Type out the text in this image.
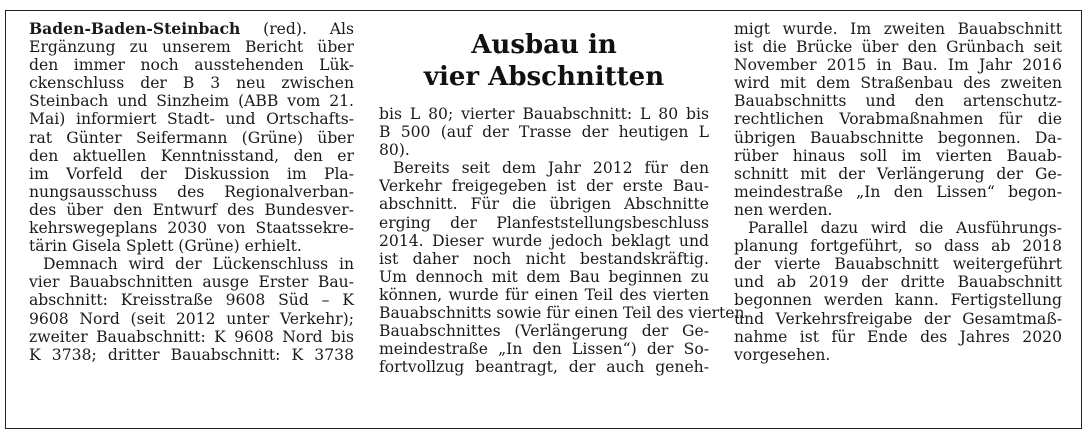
Ausbau in
vier Abschnitten
Baden-Baden-Steinbach (red). Als
Ergänzung zu unserem Bericht über
den immer noch ausstehenden Lük-
ckenschluss der B 3 neu zwischen
Steinbach und Sinzheim (ABB vom 21.
Mai) informiert Stadt- und Ortschafts-
rat Günter Seifermann (Grüne) über
den aktuellen Kenntnisstand, den er
im Vorfeld der Diskussion im Pla-
nungsausschuss des Regionalverban-
des über den Entwurf des Bundesver-
kehrswegeplans 2030 von Staatssekre-
tärin Gisela Splett (Grüne) erhielt.
Demnach wird der Lückenschluss in
vier Bauabschnitten ausge Erster Bau-
abschnitt: Kreisstraße 9608 Süd – K
9608 Nord (seit 2012 unter Verkehr);
zweiter Bauabschnitt: K 9608 Nord bis
K 3738; dritter Bauabschnitt: K 3738
bis L 80; vierter Bauabschnitt: L 80 bis
B 500 (auf der Trasse der heutigen L
80).
Bereits seit dem Jahr 2012 für den
Verkehr freigegeben ist der erste Bau-
abschnitt. Für die übrigen Abschnitte
erging der Planfeststellungsbeschluss
2014. Dieser wurde jedoch beklagt und
ist daher noch nicht bestandskräftig.
Um dennoch mit dem Bau beginnen zu
können, wurde für einen Teil des vierten
Bauabschnitts sowie für einen Teil des vierten
Bauabschnittes (Verlängerung der Ge-
meindestraße „In den Lissen“) der So-
fortvollzug beantragt, der auch geneh-
migt wurde. Im zweiten Bauabschnitt
ist die Brücke über den Grünbach seit
November 2015 in Bau. Im Jahr 2016
wird mit dem Straßenbau des zweiten
Bauabschnitts und den artenschutz-
rechtlichen Vorabmaßnahmen für die
übrigen Bauabschnitte begonnen. Da-
rüber hinaus soll im vierten Bauab-
schnitt mit der Verlängerung der Ge-
meindestraße „In den Lissen“ begon-
nen werden.
Parallel dazu wird die Ausführungs-
planung fortgeführt, so dass ab 2018
der vierte Bauabschnitt weitergeführt
und ab 2019 der dritte Bauabschnitt
begonnen werden kann. Fertigstellung
und Verkehrsfreigabe der Gesamtmaß-
nahme ist für Ende des Jahres 2020
vorgesehen.
